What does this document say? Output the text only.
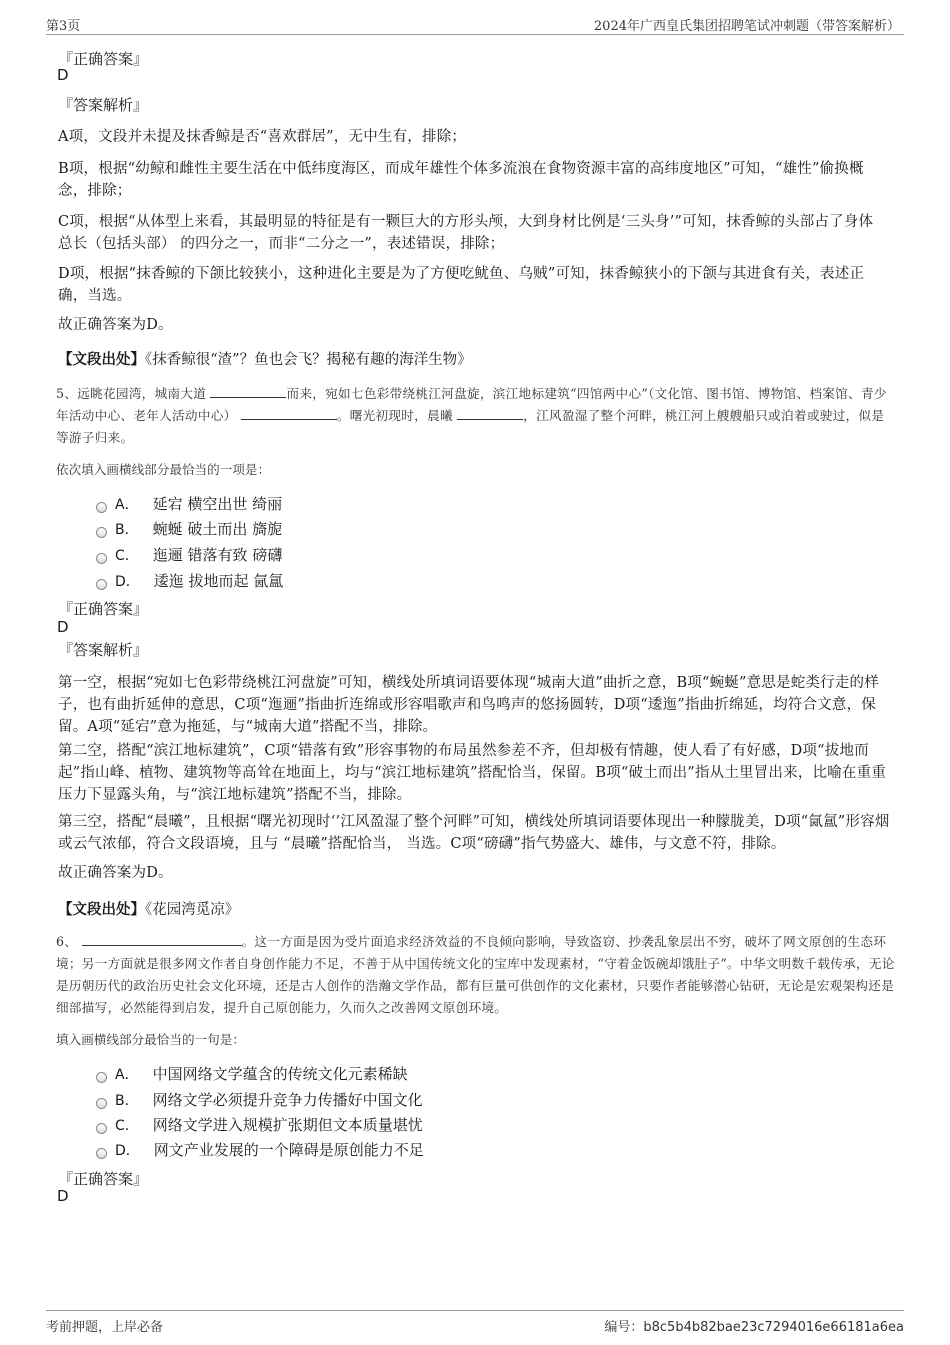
第3页	2024年广西皇氏集团招聘笔试冲刺题（带答案解析）
『正确答案』
D
『答案解析』
A项，文段并未提及抹香鲸是否“喜欢群居”，无中生有，排除；
B项，根据“幼鲸和雌性主要生活在中低纬度海区，而成年雄性个体多流浪在食物资源丰富的高纬度地区”可知，“雄性”偷换概念，排除；
C项，根据“从体型上来看，其最明显的特征是有一颗巨大的方形头颅，大到身材比例是‘三头身’”可知，抹香鲸的头部占了身体 总长（包括头部） 的四分之一，而非“二分之一”，表述错误，排除；
D项，根据“抹香鲸的下颌比较狭小，这种进化主要是为了方便吃鱿鱼、乌贼”可知，抹香鲸狭小的下颌与其进食有关，表述正确，当选。
故正确答案为D。
【文段出处】《抹香鲸很“渣”？鱼也会飞？揭秘有趣的海洋生物》
5、远眺花园湾，城南大道	而来，宛如七色彩带绕桃江河盘旋，滨江地标建筑“四馆两中心”（文化馆、图书馆、博物馆、档案馆、青少年活动中心、老年人活动中心）	。曙光初现时，晨曦	，江风盈湿了整个河畔，桃江河上艘艘船只或泊着或驶过，似是等游子归来。
依次填入画横线部分最恰当的一项是：
A． 延宕 横空出世 绮丽
B． 蜿蜒 破土而出 旖旎
C． 迤逦 错落有致 磅礴
D． 逶迤 拔地而起 氤氲
『正确答案』
D
『答案解析』
第一空，根据“宛如七色彩带绕桃江河盘旋”可知，横线处所填词语要体现“城南大道”曲折之意，B项“蜿蜒”意思是蛇类行走的样子，也有曲折延伸的意思，C项“迤逦”指曲折连绵或形容唱歌声和鸟鸣声的悠扬圆转，D项“逶迤”指曲折绵延，均符合文意，保留。A项“延宕”意为拖延，与“城南大道”搭配不当，排除。
第二空，搭配“滨江地标建筑”，C项“错落有致”形容事物的布局虽然参差不齐，但却极有情趣，使人看了有好感，D项“拔地而起”指山峰、植物、建筑物等高耸在地面上，均与“滨江地标建筑”搭配恰当，保留。B项“破土而出”指从土里冒出来，比喻在重重压力下显露头角，与“滨江地标建筑”搭配不当，排除。
第三空，搭配“晨曦”，且根据“曙光初现时‘’江风盈湿了整个河畔”可知，横线处所填词语要体现出一种朦胧美，D项“氤氲”形容烟或云气浓郁，符合文段语境，且与 “晨曦”搭配恰当， 当选。C项“磅礴”指气势盛大、雄伟，与文意不符，排除。
故正确答案为D。
【文段出处】《花园湾觅凉》
6、	。这一方面是因为受片面追求经济效益的不良倾向影响，导致盗窃、抄袭乱象层出不穷，破坏了网文原创的生态环境；另一方面就是很多网文作者自身创作能力不足，不善于从中国传统文化的宝库中发现素材，“守着金饭碗却饿肚子”。中华文明数千载传承，无论是历朝历代的政治历史社会文化环境，还是古人创作的浩瀚文学作品，都有巨量可供创作的文化素材，只要作者能够潜心钻研，无论是宏观架构还是细部描写，必然能得到启发，提升自己原创能力，久而久之改善网文原创环境。
填入画横线部分最恰当的一句是：
A． 中国网络文学蕴含的传统文化元素稀缺
B． 网络文学必须提升竞争力传播好中国文化
C． 网络文学进入规模扩张期但文本质量堪忧
D． 网文产业发展的一个障碍是原创能力不足
『正确答案』
D
考前押题，上岸必备	编号：b8c5b4b82bae23c7294016e66181a6ea
